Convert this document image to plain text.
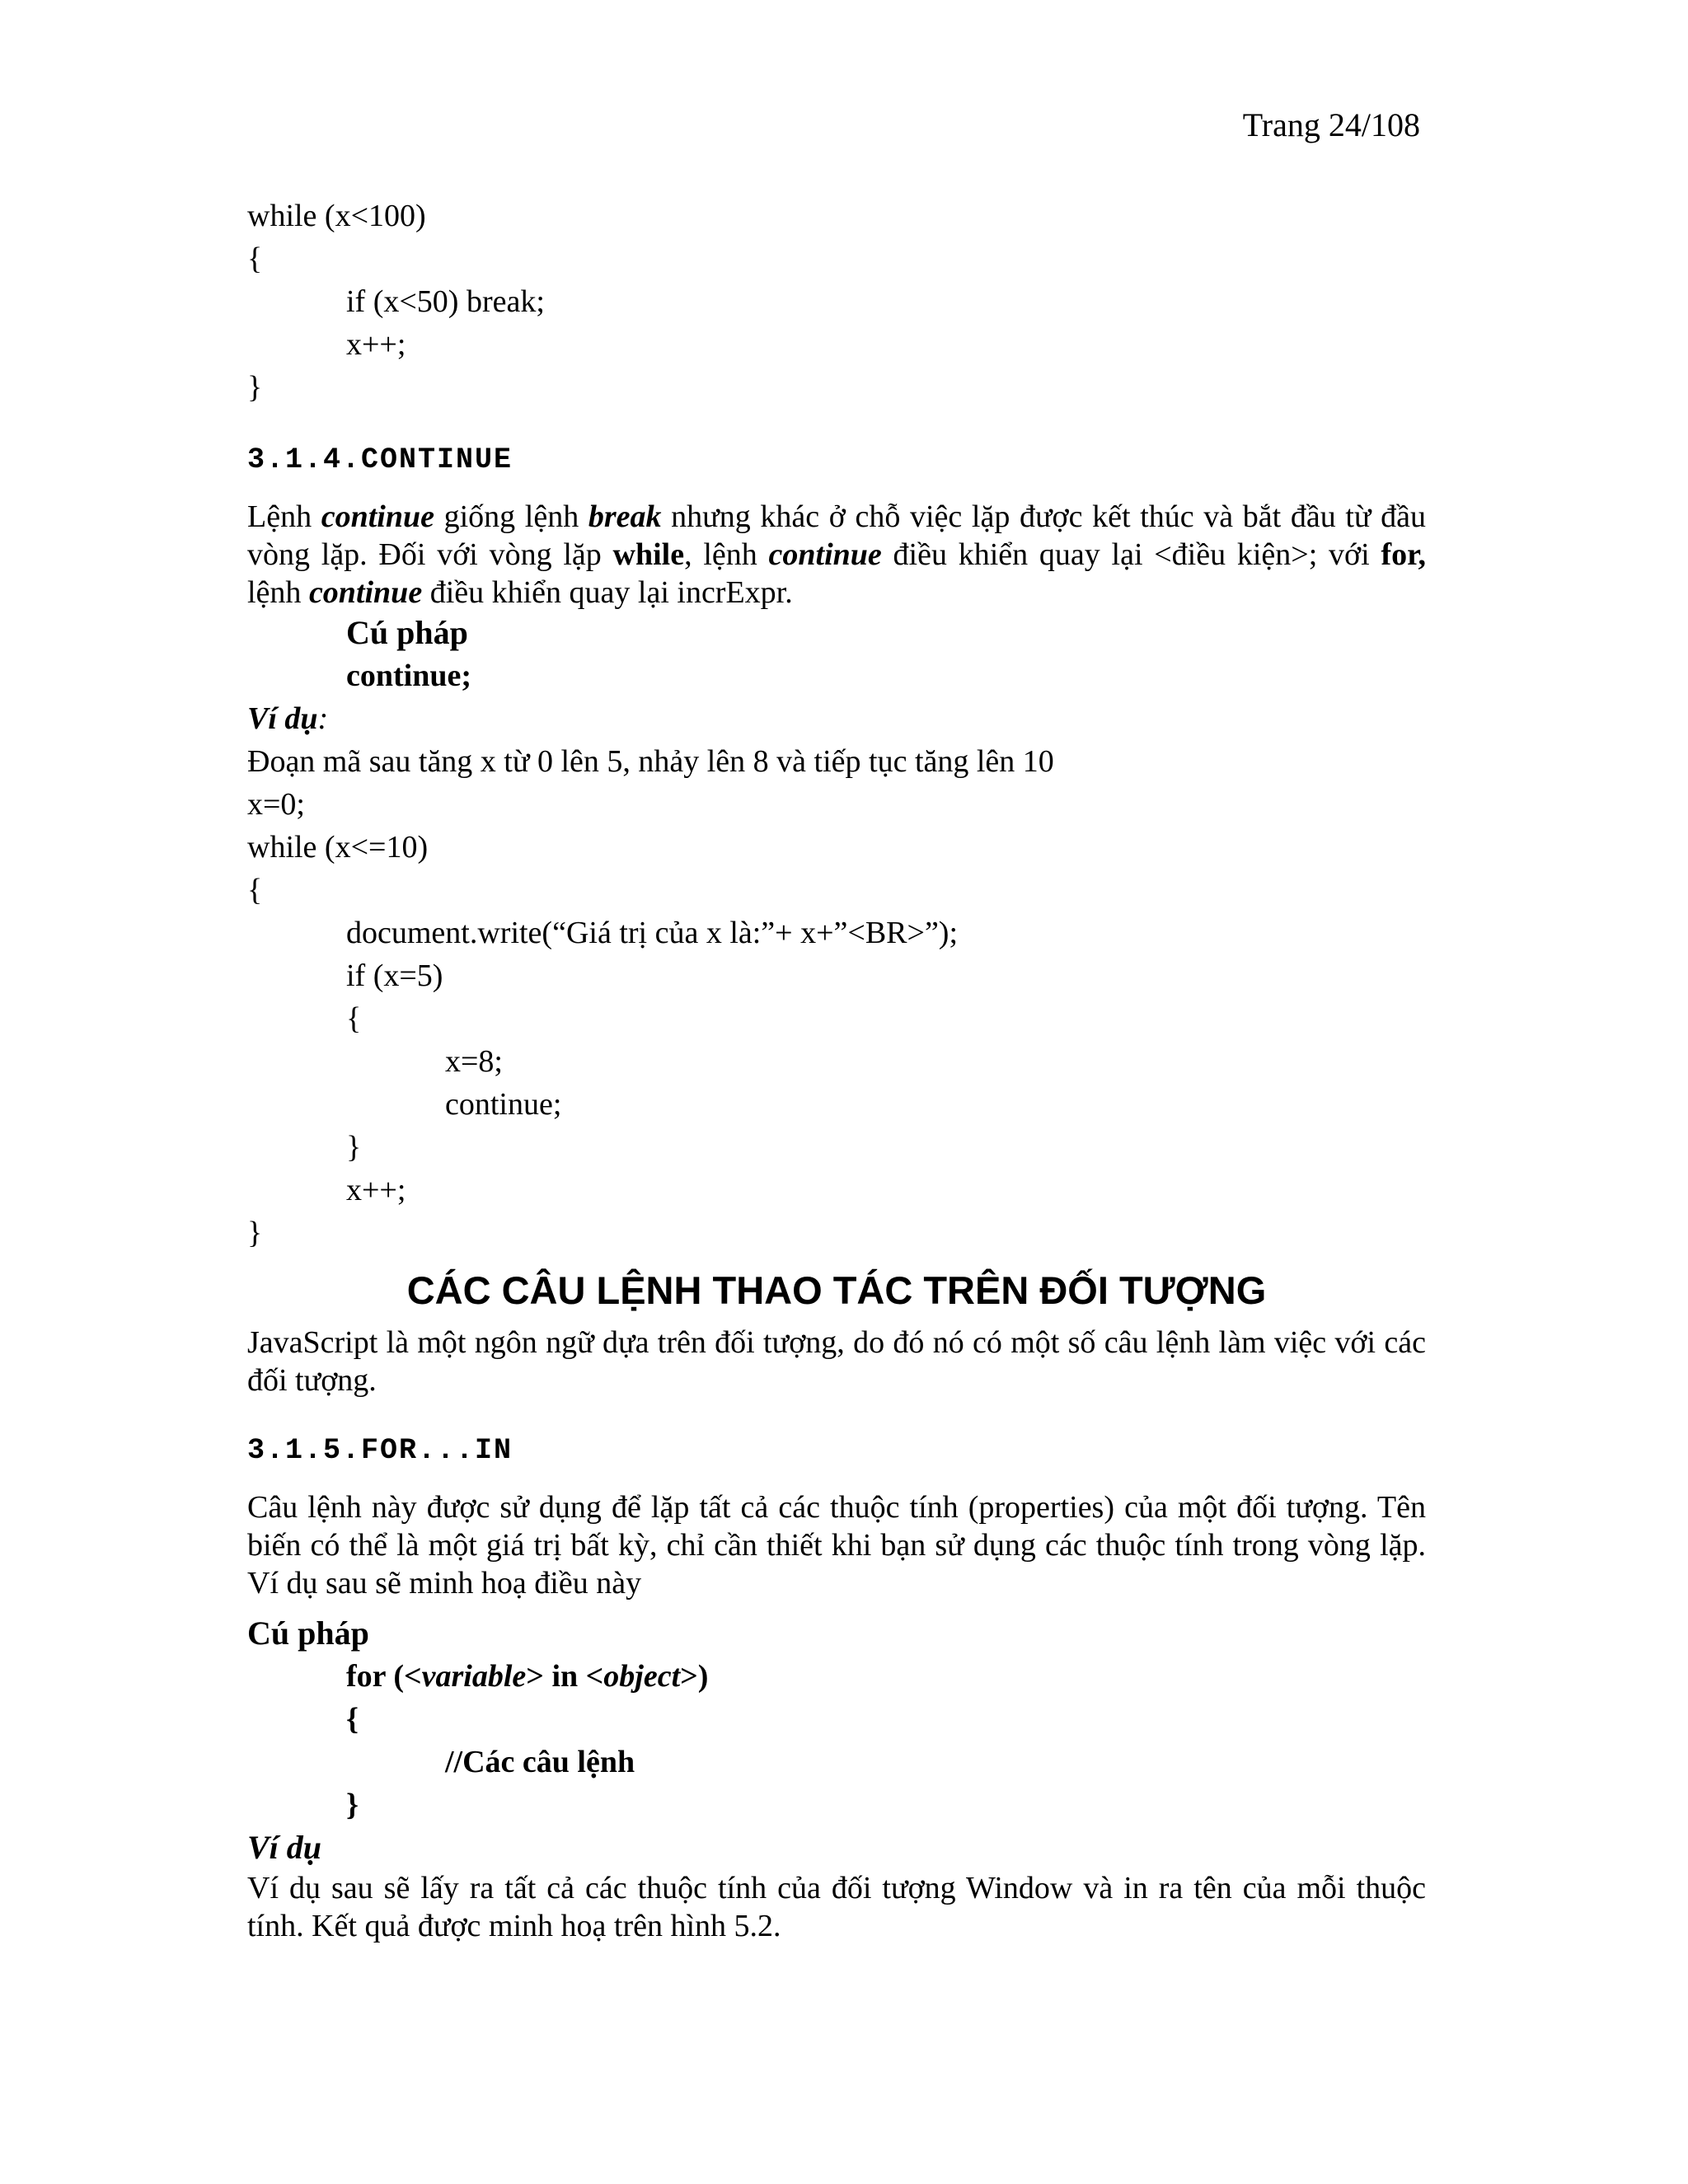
Trang 24/108
while (x<100)
{
if (x<50) break;
x++;
}
3.1.4.CONTINUE

Lệnh continue giống lệnh break nhưng khác ở chỗ việc lặp được kết thúc và bắt đầu từ đầu vòng lặp. Đối với vòng lặp while, lệnh continue điều khiển quay lại <điều kiện>; với for, lệnh continue điều khiển quay lại incrExpr.

Cú pháp
continue;
Ví dụ:
Đoạn mã sau tăng x từ 0 lên 5, nhảy lên 8 và tiếp tục tăng lên 10
x=0;
while (x<=10)
{
document.write(“Giá trị của x là:”+ x+”<BR>”);
if (x=5)
{
x=8;
continue;
}
x++;
}
CÁC CÂU LỆNH THAO TÁC TRÊN ĐỐI TƯỢNG

JavaScript là một ngôn ngữ dựa trên đối tượng, do đó nó có một số câu lệnh làm việc với các đối tượng.

3.1.5.FOR...IN

Câu lệnh này được sử dụng để lặp tất cả các thuộc tính (properties) của một đối tượng. Tên biến có thể là một giá trị bất kỳ, chỉ cần thiết khi bạn sử dụng các thuộc tính trong vòng lặp. Ví dụ sau sẽ minh hoạ điều này

Cú pháp
for (<variable> in <object>)
{
//Các câu lệnh
}
Ví dụ

Ví dụ sau sẽ lấy ra tất cả các thuộc tính của đối tượng Window và in ra tên của mỗi thuộc tính. Kết quả được minh hoạ trên hình 5.2.
